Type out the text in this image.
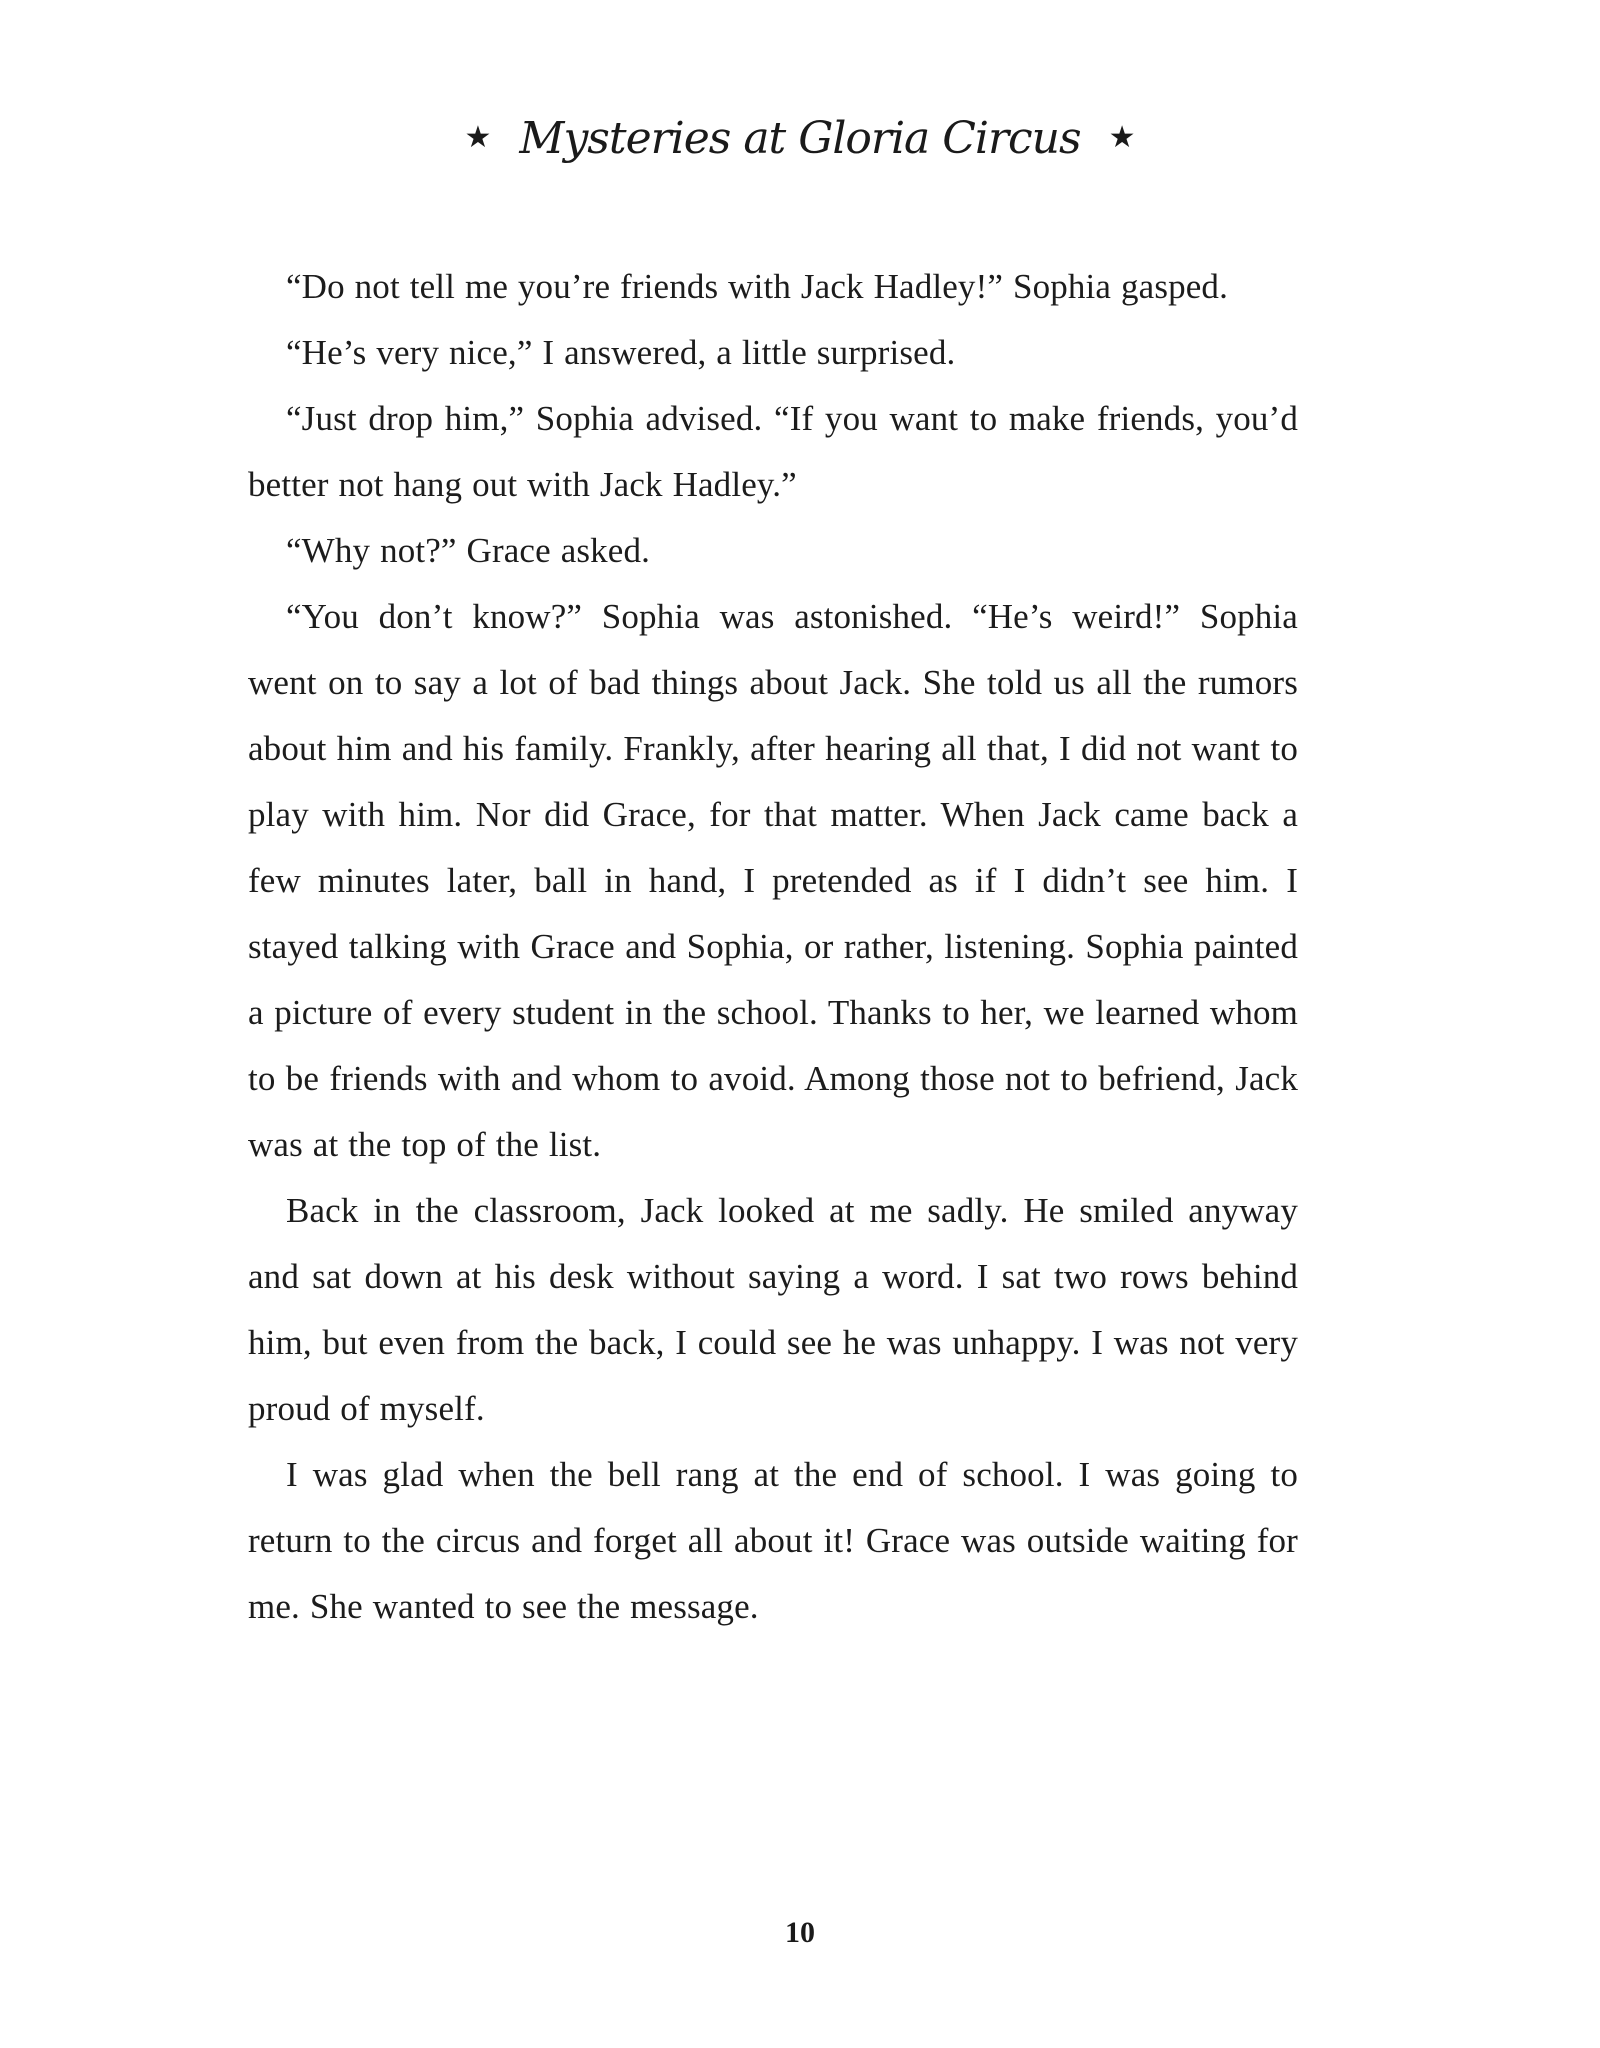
★ Mysteries at Gloria Circus ★

“Do not tell me you’re friends with Jack Hadley!” Sophia gasped.

“He’s very nice,” I answered, a little surprised.

“Just drop him,” Sophia advised. “If you want to make friends, you’d better not hang out with Jack Hadley.”

“Why not?” Grace asked.

“You don’t know?” Sophia was astonished. “He’s weird!” Sophia went on to say a lot of bad things about Jack. She told us all the rumors about him and his family. Frankly, after hearing all that, I did not want to play with him. Nor did Grace, for that matter. When Jack came back a few minutes later, ball in hand, I pretended as if I didn’t see him. I stayed talking with Grace and Sophia, or rather, listening. Sophia painted a picture of every student in the school. Thanks to her, we learned whom to be friends with and whom to avoid. Among those not to befriend, Jack was at the top of the list.

Back in the classroom, Jack looked at me sadly. He smiled anyway and sat down at his desk without saying a word. I sat two rows behind him, but even from the back, I could see he was unhappy. I was not very proud of myself.

I was glad when the bell rang at the end of school. I was going to return to the circus and forget all about it! Grace was outside waiting for me. She wanted to see the message.

10
